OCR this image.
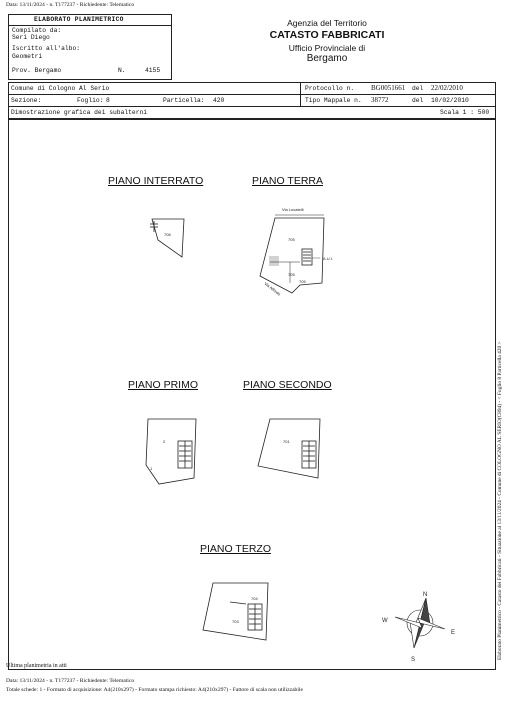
Data: 13/11/2024 - n. T177237 - Richiedente: Telematico
ELABORATO PLANIMETRICO
Compilato da:
Seri Diego
Iscritto all'albo:
Geometri
Prov. Bergamo	N.	4155
Agenzia del Territorio
CATASTO FABBRICATI
Ufficio Provinciale di
Bergamo
Comune di Cologno Al Serio	Protocollo n. BG0051661 del 22/02/2010
Sezione:	Foglio: 8	Particella: 420	Tipo Mappale n. 38772	del 10/02/2010
Dimostrazione grafica dei subalterni	Scala 1 : 500
PIANO INTERRATO	PIANO TERRA
PIANO PRIMO	PIANO SECONDO
PIANO TERZO
706
Via Locatelli
705
705
705
A.U.I.
Via Alfredo
2
1
701
704
703
N
E
S
W
Ultima planimetria in atti
Data: 13/11/2024 - n. T177237 - Richiedente: Telematico
Totale schede: 1 - Formato di acquisizione: A4(210x297) - Formato stampa richiesto: A4(210x297) - Fattore di scala non utilizzabile
Elaborato Planimetrico - Catasto dei Fabbricati - Situazione al 13/11/2024 - Comune di COLOGNO AL SERIO(C894) - < Foglio 8 Particella 420 >
